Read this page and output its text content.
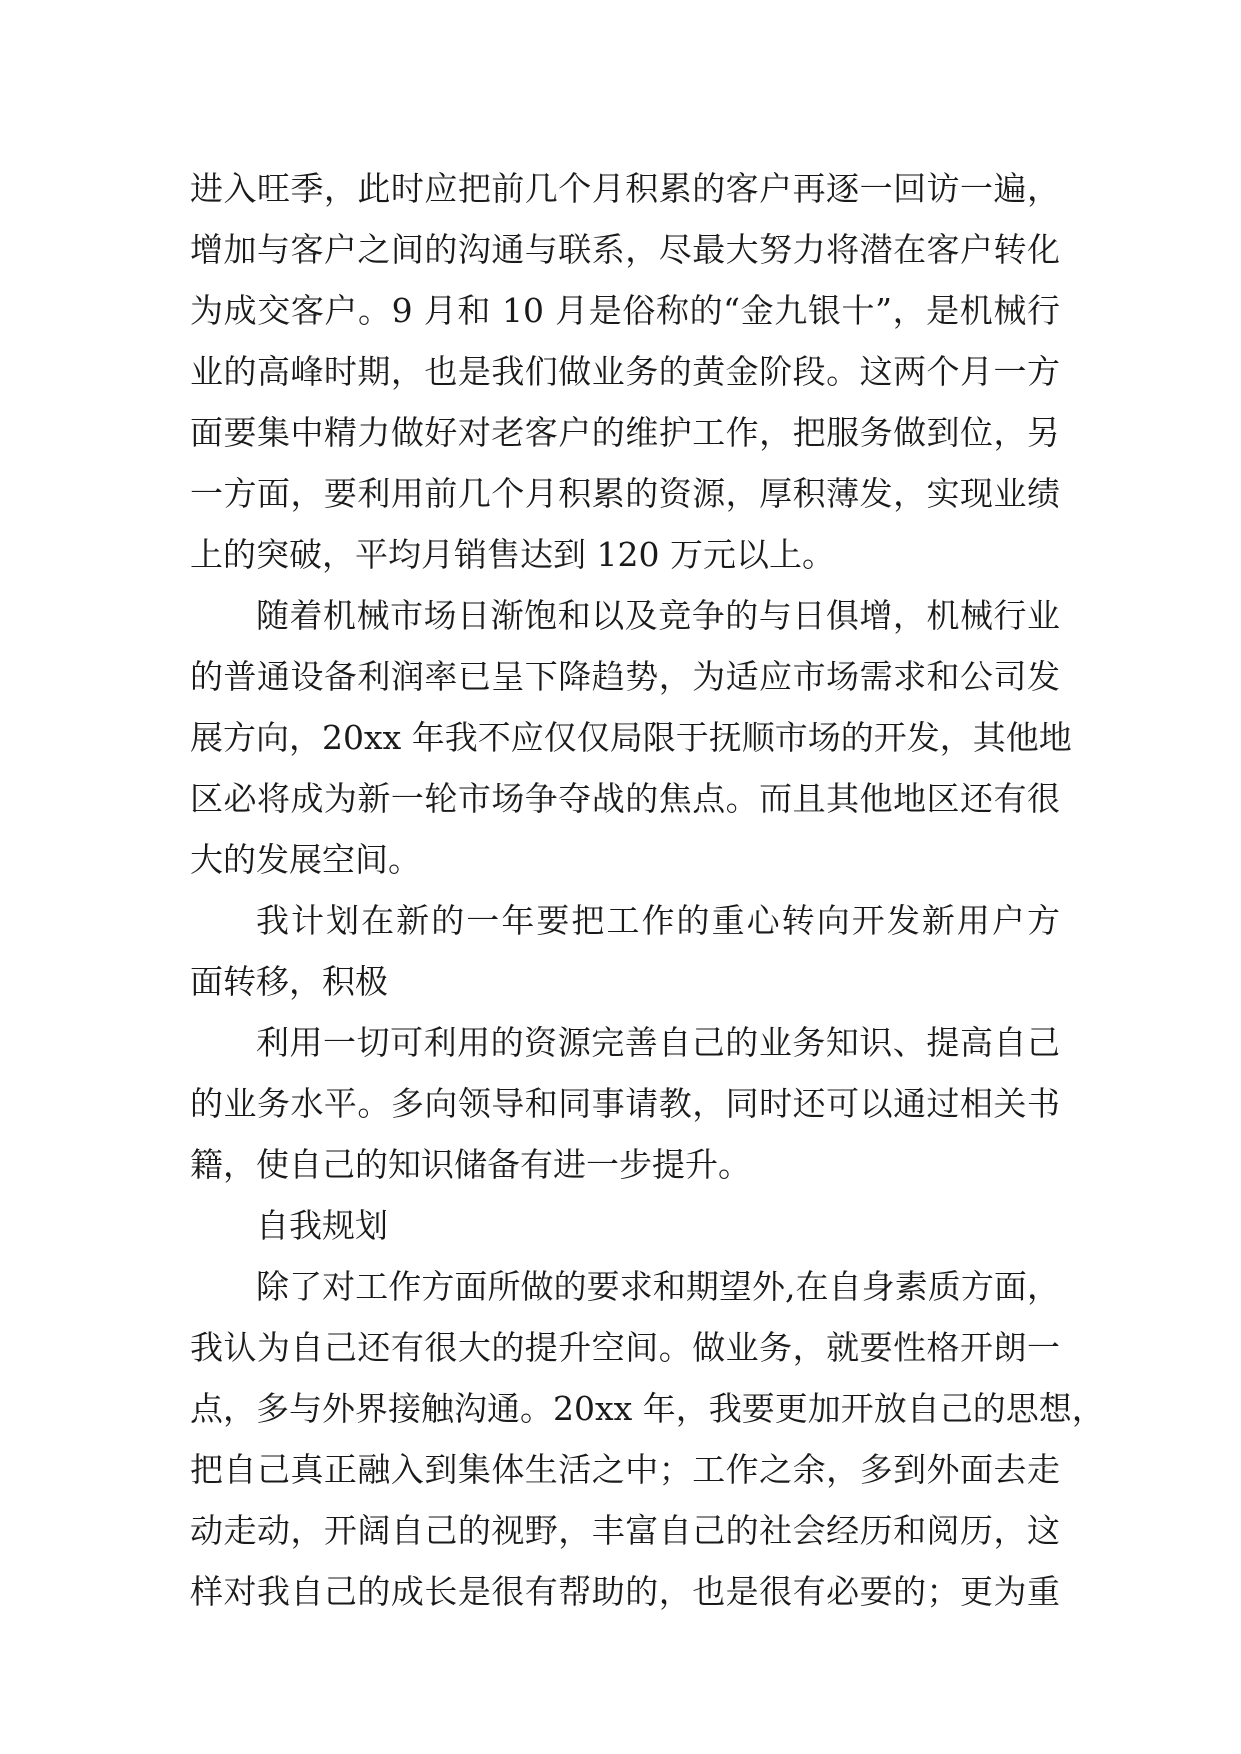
进入旺季，此时应把前几个月积累的客户再逐一回访一遍，
增加与客户之间的沟通与联系，尽最大努力将潜在客户转化
为成交客户。9 月和 10 月是俗称的“金九银十”，是机械行
业的高峰时期，也是我们做业务的黄金阶段。这两个月一方
面要集中精力做好对老客户的维护工作，把服务做到位，另
一方面，要利用前几个月积累的资源，厚积薄发，实现业绩
上的突破，平均月销售达到 120 万元以上。
随着机械市场日渐饱和以及竞争的与日俱增，机械行业
的普通设备利润率已呈下降趋势，为适应市场需求和公司发
展方向，20xx 年我不应仅仅局限于抚顺市场的开发，其他地
区必将成为新一轮市场争夺战的焦点。而且其他地区还有很
大的发展空间。
我计划在新的一年要把工作的重心转向开发新用户方
面转移，积极
利用一切可利用的资源完善自己的业务知识、提高自己
的业务水平。多向领导和同事请教，同时还可以通过相关书
籍，使自己的知识储备有进一步提升。
自我规划
除了对工作方面所做的要求和期望外,在自身素质方面，
我认为自己还有很大的提升空间。做业务，就要性格开朗一
点，多与外界接触沟通。20xx 年，我要更加开放自己的思想，
把自己真正融入到集体生活之中；工作之余，多到外面去走
动走动，开阔自己的视野，丰富自己的社会经历和阅历，这
样对我自己的成长是很有帮助的，也是很有必要的；更为重
